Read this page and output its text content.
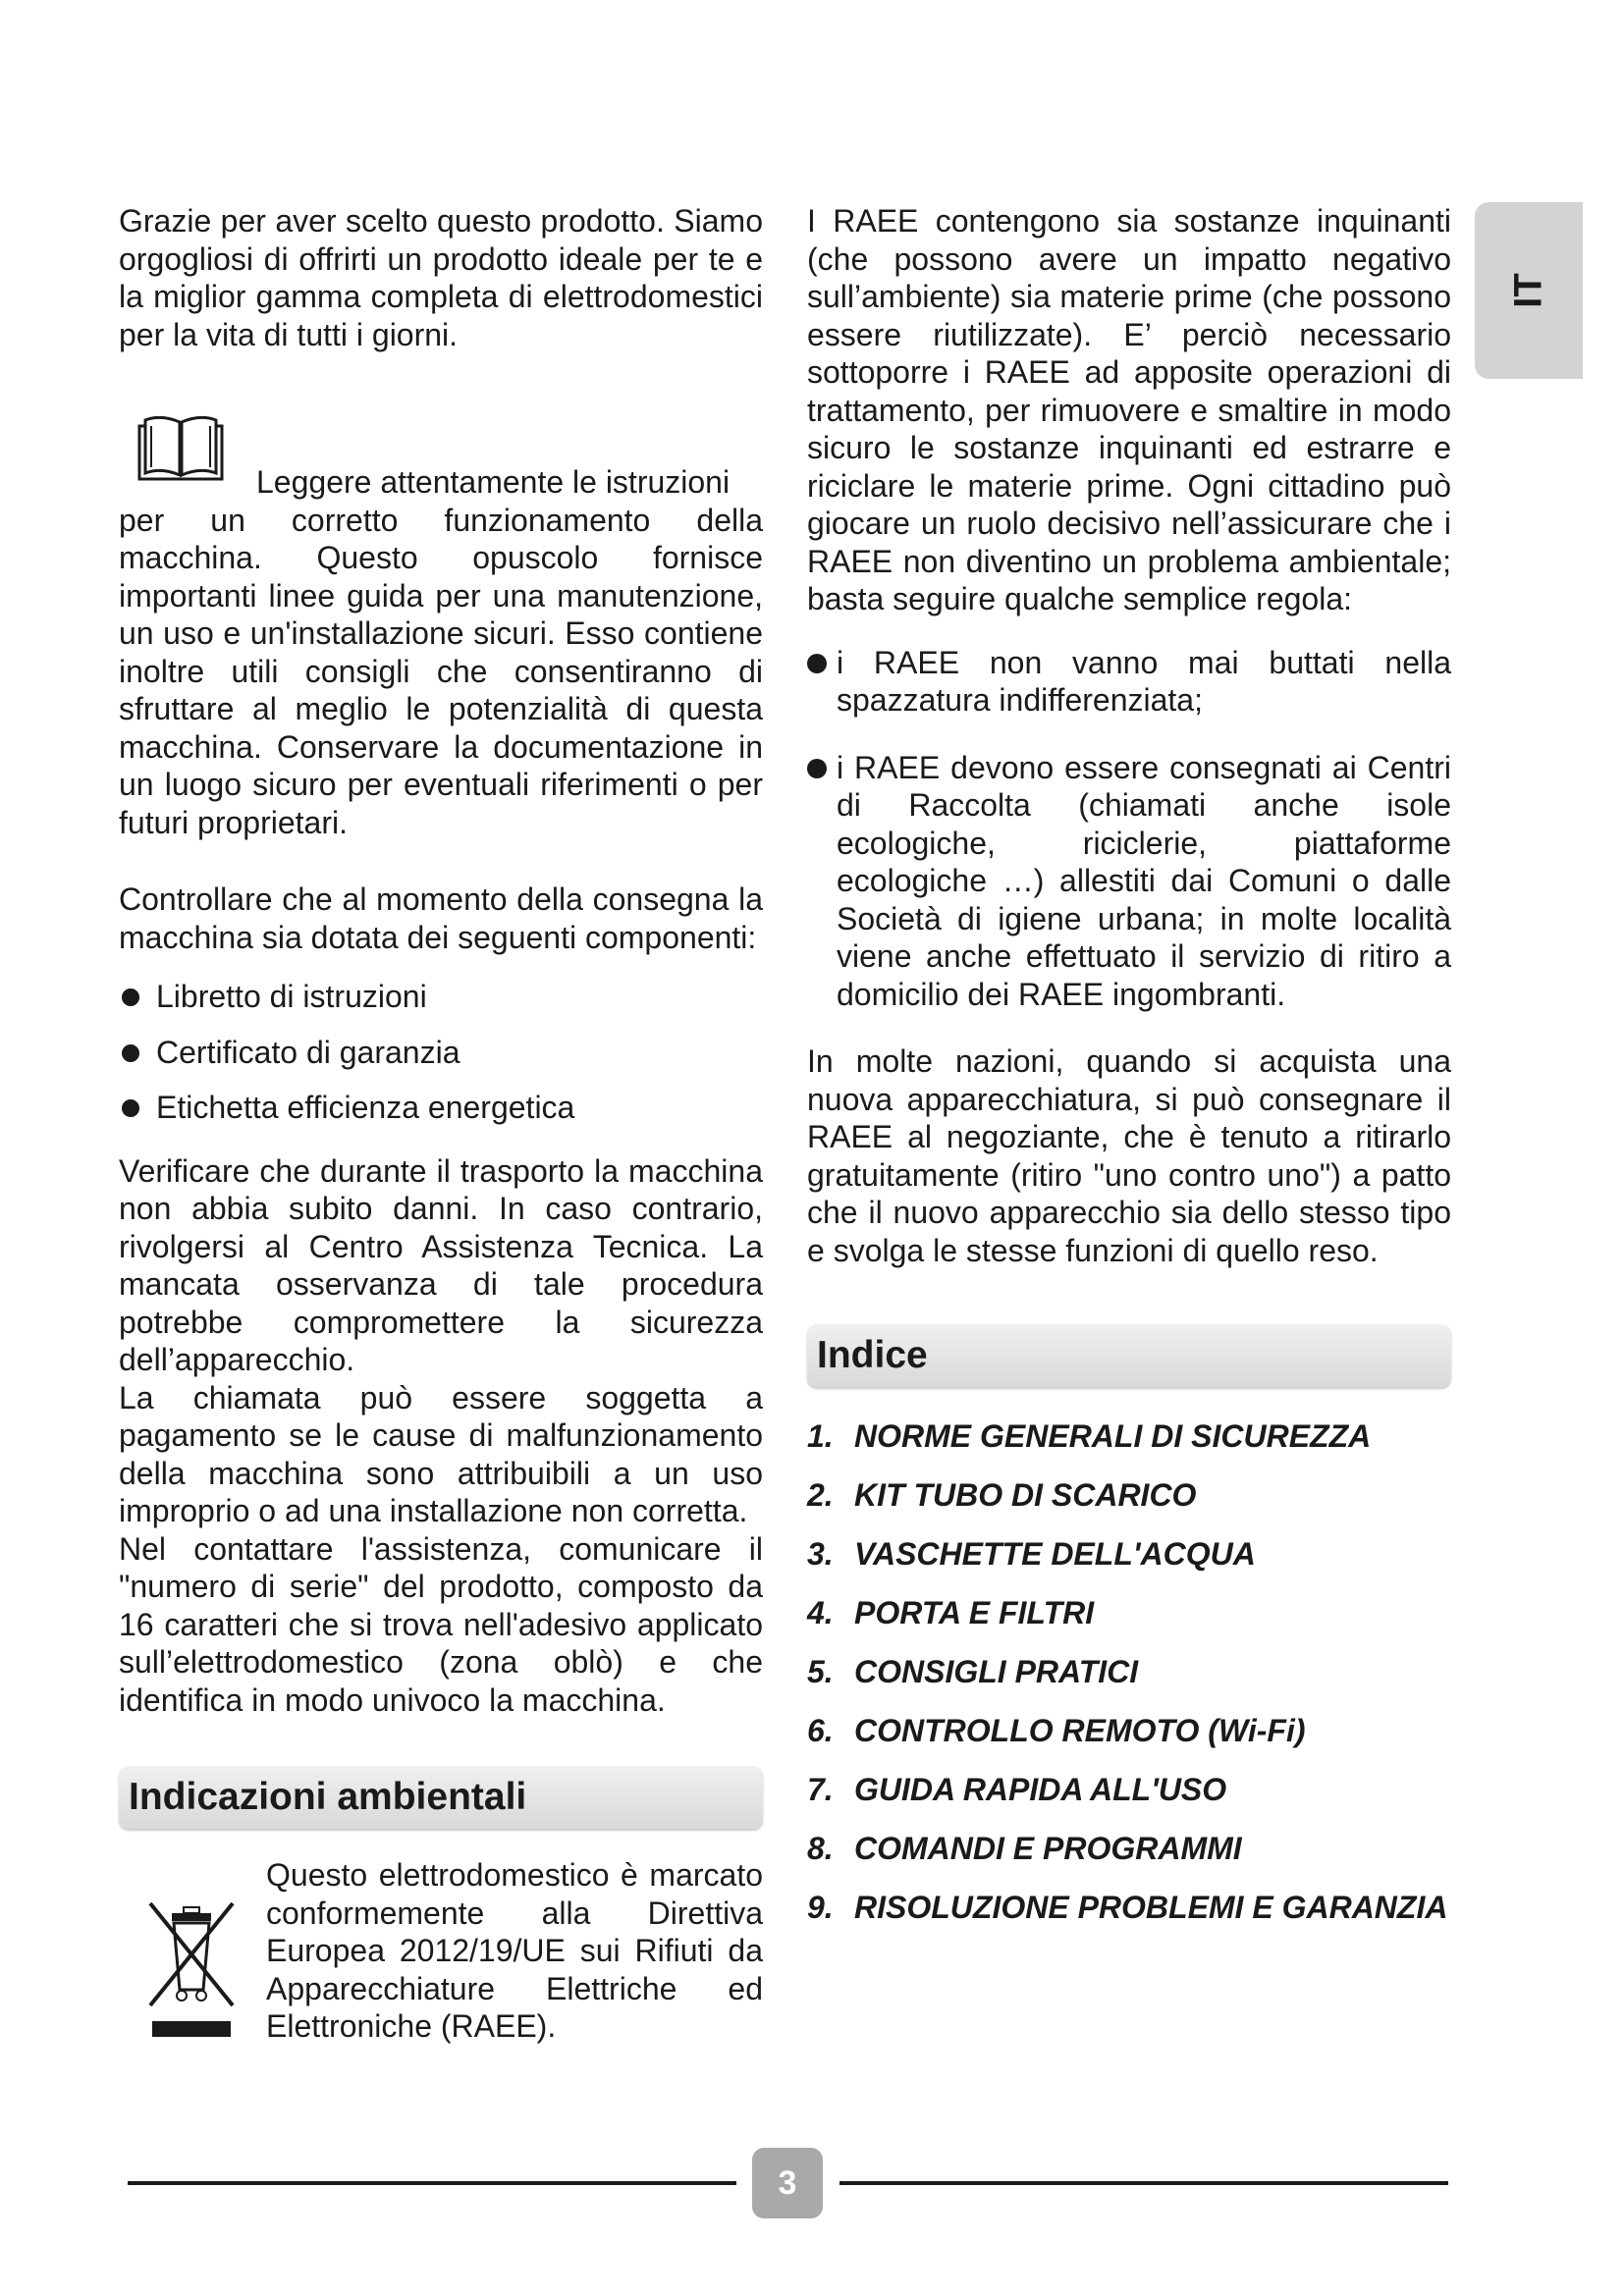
IT

Grazie per aver scelto questo prodotto. Siamo orgogliosi di offrirti un prodotto ideale per te e la miglior gamma completa di elettrodomestici per la vita di tutti i giorni.

Leggere attentamente le istruzioni

per un corretto funzionamento della macchina. Questo opuscolo fornisce importanti linee guida per una manutenzione, un uso e un'installazione sicuri. Esso contiene inoltre utili consigli che consentiranno di sfruttare al meglio le potenzialità di questa macchina. Conservare la documentazione in un luogo sicuro per eventuali riferimenti o per futuri proprietari.

Controllare che al momento della consegna la macchina sia dotata dei seguenti componenti:

Libretto di istruzioni
Certificato di garanzia
Etichetta efficienza energetica

Verificare che durante il trasporto la macchina non abbia subito danni. In caso contrario, rivolgersi al Centro Assistenza Tecnica. La mancata osservanza di tale procedura potrebbe compromettere la sicurezza dell’apparecchio.

La chiamata può essere soggetta a pagamento se le cause di malfunzionamento della macchina sono attribuibili a un uso improprio o ad una installazione non corretta.

Nel contattare l'assistenza, comunicare il "numero di serie" del prodotto, composto da 16 caratteri che si trova nell'adesivo applicato sull’elettrodomestico (zona oblò) e che identifica in modo univoco la macchina.

Indicazioni ambientali

Questo elettrodomestico è marcato conformemente alla Direttiva Europea 2012/19/UE sui Rifiuti da Apparecchiature Elettriche ed Elettroniche (RAEE).

I RAEE contengono sia sostanze inquinanti (che possono avere un impatto negativo sull’ambiente) sia materie prime (che possono essere riutilizzate). E’ perciò necessario sottoporre i RAEE ad apposite operazioni di trattamento, per rimuovere e smaltire in modo sicuro le sostanze inquinanti ed estrarre e riciclare le materie prime. Ogni cittadino può giocare un ruolo decisivo nell’assicurare che i RAEE non diventino un problema ambientale; basta seguire qualche semplice regola:

i RAEE non vanno mai buttati nella spazzatura indifferenziata;
i RAEE devono essere consegnati ai Centri di Raccolta (chiamati anche isole ecologiche, riciclerie, piattaforme ecologiche …) allestiti dai Comuni o dalle Società di igiene urbana; in molte località viene anche effettuato il servizio di ritiro a domicilio dei RAEE ingombranti.

In molte nazioni, quando si acquista una nuova apparecchiatura, si può consegnare il RAEE al negoziante, che è tenuto a ritirarlo gratuitamente (ritiro "uno contro uno") a patto che il nuovo apparecchio sia dello stesso tipo e svolga le stesse funzioni di quello reso.

Indice
1. NORME GENERALI DI SICUREZZA
2. KIT TUBO DI SCARICO
3. VASCHETTE DELL'ACQUA
4. PORTA E FILTRI
5. CONSIGLI PRATICI
6. CONTROLLO REMOTO (Wi-Fi)
7. GUIDA RAPIDA ALL'USO
8. COMANDI E PROGRAMMI
9. RISOLUZIONE PROBLEMI E GARANZIA
3
